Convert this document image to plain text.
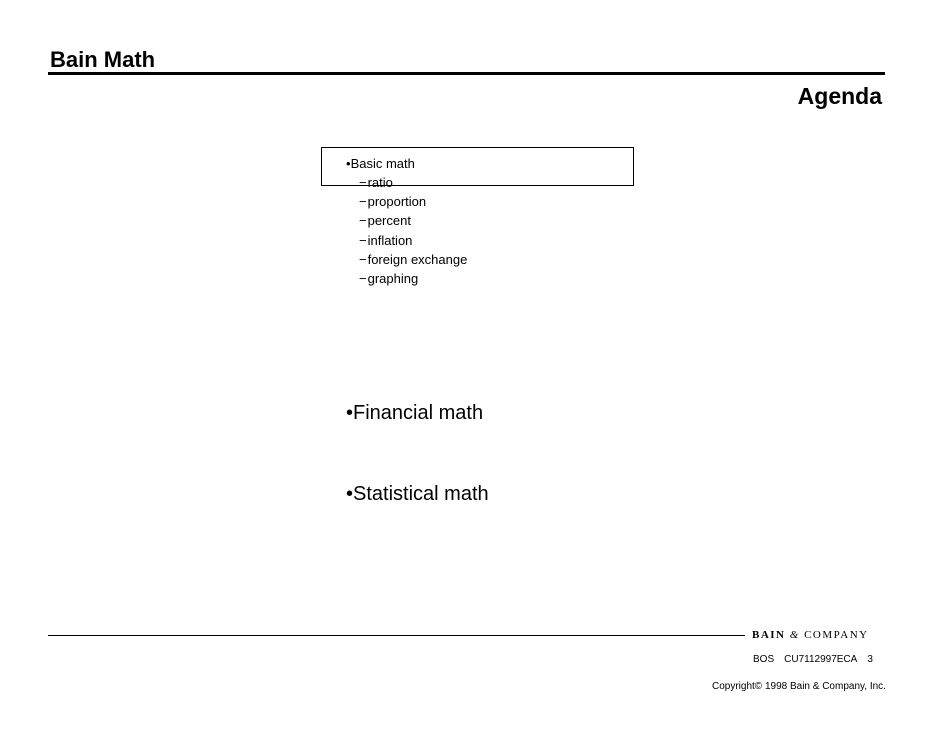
Bain Math
Agenda
•Basic math
−ratio
−proportion
−percent
−inflation
−foreign exchange
−graphing
•Financial math
•Statistical math
BAIN & COMPANY
BOS CU7112997ECA 3
Copyright© 1998 Bain & Company, Inc.
